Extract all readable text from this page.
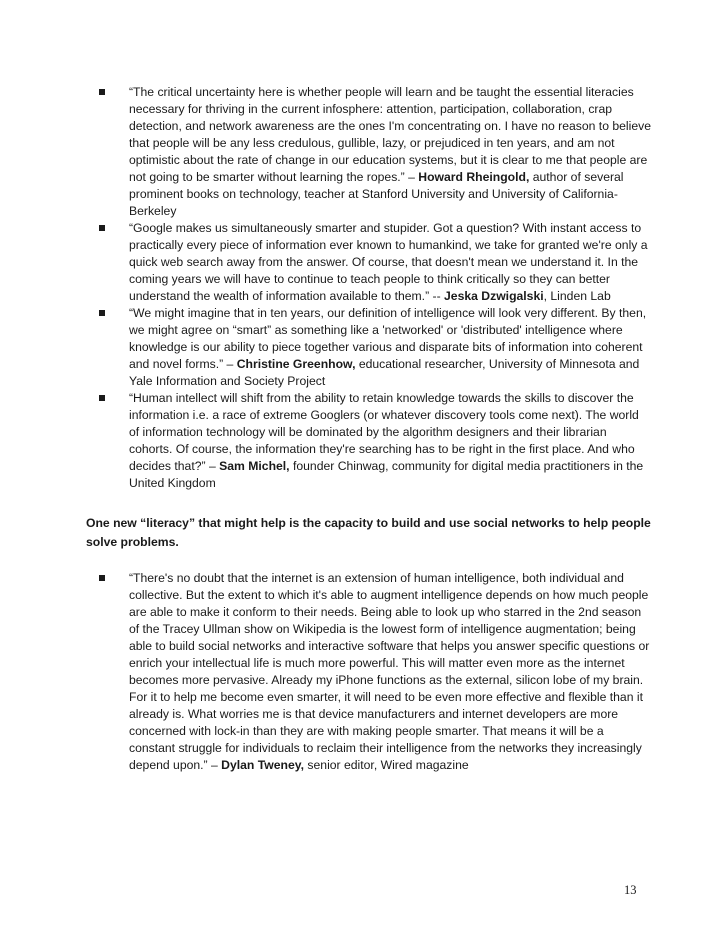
“The critical uncertainty here is whether people will learn and be taught the essential literacies necessary for thriving in the current infosphere: attention, participation, collaboration, crap detection, and network awareness are the ones I'm concentrating on. I have no reason to believe that people will be any less credulous, gullible, lazy, or prejudiced in ten years, and am not optimistic about the rate of change in our education systems, but it is clear to me that people are not going to be smarter without learning the ropes.” – Howard Rheingold, author of several prominent books on technology, teacher at Stanford University and University of California-Berkeley
“Google makes us simultaneously smarter and stupider. Got a question? With instant access to practically every piece of information ever known to humankind, we take for granted we're only a quick web search away from the answer. Of course, that doesn't mean we understand it. In the coming years we will have to continue to teach people to think critically so they can better understand the wealth of information available to them.” -- Jeska Dzwigalski, Linden Lab
“We might imagine that in ten years, our definition of intelligence will look very different. By then, we might agree on “smart” as something like a 'networked' or 'distributed' intelligence where knowledge is our ability to piece together various and disparate bits of information into coherent and novel forms.” – Christine Greenhow, educational researcher, University of Minnesota and Yale Information and Society Project
“Human intellect will shift from the ability to retain knowledge towards the skills to discover the information i.e. a race of extreme Googlers (or whatever discovery tools come next). The world of information technology will be dominated by the algorithm designers and their librarian cohorts. Of course, the information they're searching has to be right in the first place. And who decides that?” – Sam Michel, founder Chinwag, community for digital media practitioners in the United Kingdom
One new “literacy” that might help is the capacity to build and use social networks to help people solve problems.
“There's no doubt that the internet is an extension of human intelligence, both individual and collective. But the extent to which it's able to augment intelligence depends on how much people are able to make it conform to their needs. Being able to look up who starred in the 2nd season of the Tracey Ullman show on Wikipedia is the lowest form of intelligence augmentation; being able to build social networks and interactive software that helps you answer specific questions or enrich your intellectual life is much more powerful. This will matter even more as the internet becomes more pervasive. Already my iPhone functions as the external, silicon lobe of my brain. For it to help me become even smarter, it will need to be even more effective and flexible than it already is. What worries me is that device manufacturers and internet developers are more concerned with lock-in than they are with making people smarter. That means it will be a constant struggle for individuals to reclaim their intelligence from the networks they increasingly depend upon.” – Dylan Tweney, senior editor, Wired magazine
13
